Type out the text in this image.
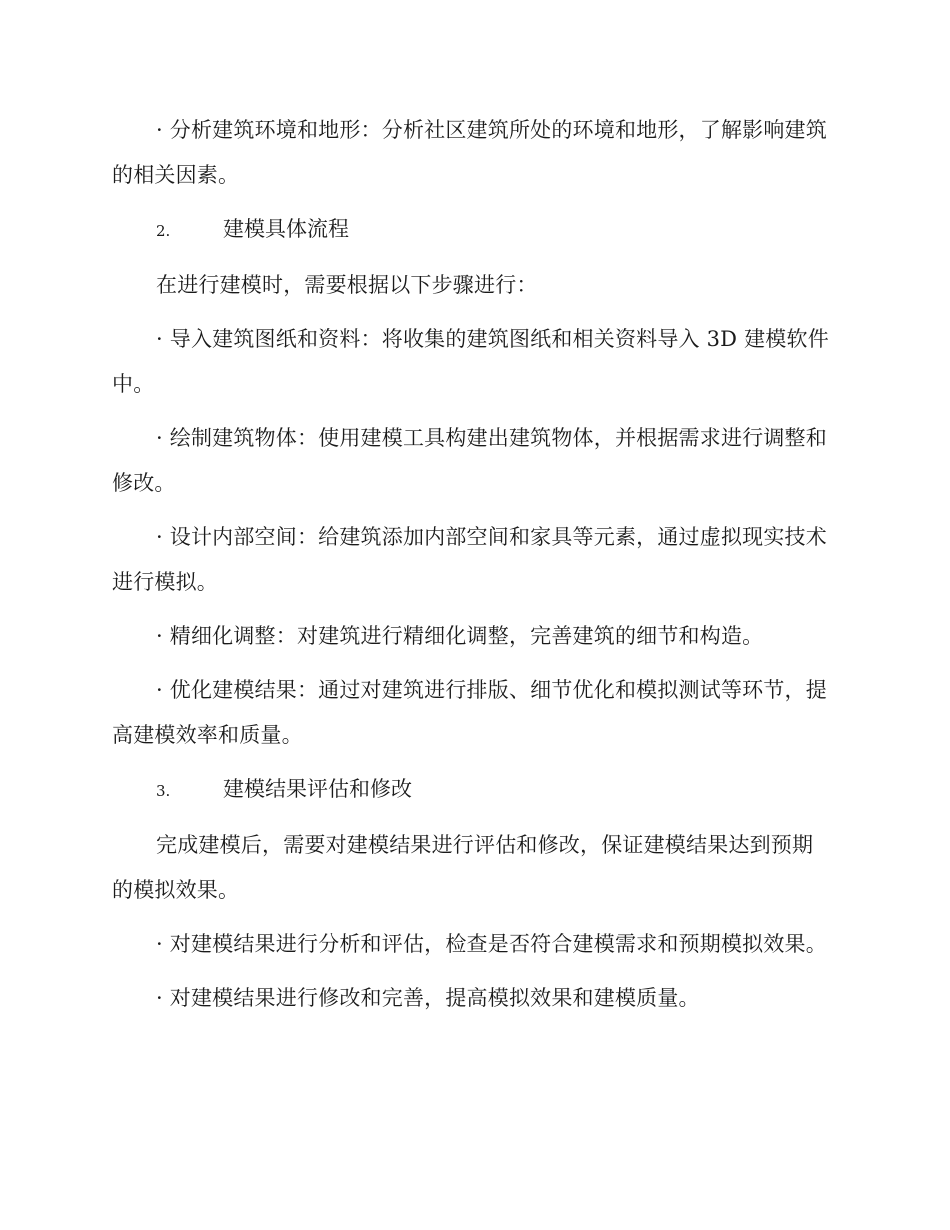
· 分析建筑环境和地形：分析社区建筑所处的环境和地形，了解影响建筑的相关因素。

2.	建模具体流程

在进行建模时，需要根据以下步骤进行：

· 导入建筑图纸和资料：将收集的建筑图纸和相关资料导入 3D 建模软件中。

· 绘制建筑物体：使用建模工具构建出建筑物体，并根据需求进行调整和修改。

· 设计内部空间：给建筑添加内部空间和家具等元素，通过虚拟现实技术进行模拟。

· 精细化调整：对建筑进行精细化调整，完善建筑的细节和构造。

· 优化建模结果：通过对建筑进行排版、细节优化和模拟测试等环节，提高建模效率和质量。

3.	建模结果评估和修改

完成建模后，需要对建模结果进行评估和修改，保证建模结果达到预期的模拟效果。

· 对建模结果进行分析和评估，检查是否符合建模需求和预期模拟效果。

· 对建模结果进行修改和完善，提高模拟效果和建模质量。
